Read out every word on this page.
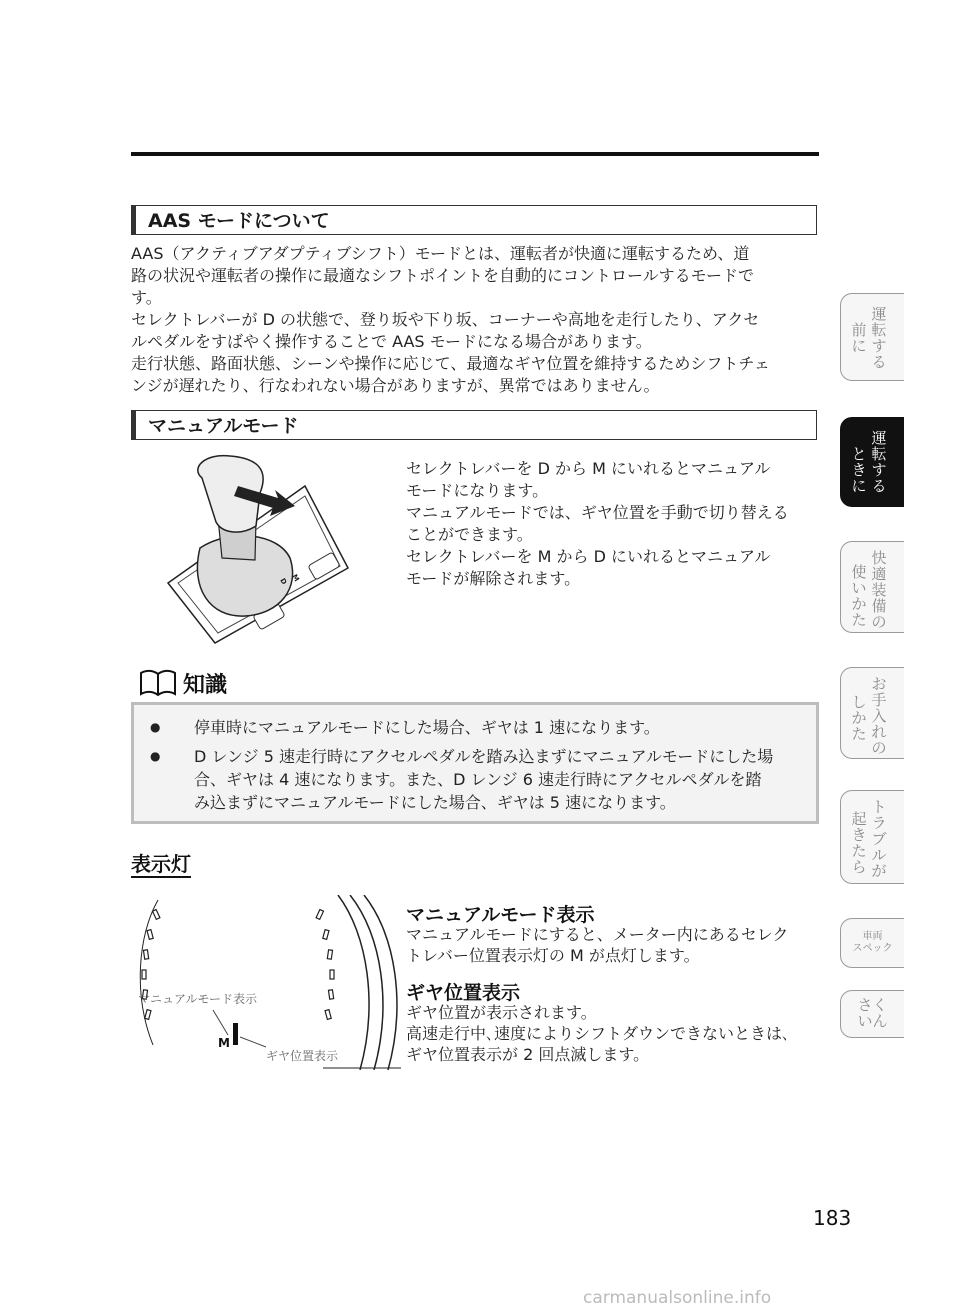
AAS モードについて

AAS（アクティブアダプティブシフト）モードとは、運転者が快適に運転するため、道

路の状況や運転者の操作に最適なシフトポイントを自動的にコントロールするモードで

す。

セレクトレバーが D の状態で、登り坂や下り坂、コーナーや高地を走行したり、アクセ

ルペダルをすばやく操作することで AAS モードになる場合があります。

走行状態、路面状態、シーンや操作に応じて、最適なギヤ位置を維持するためシフトチェ

ンジが遅れたり、行なわれない場合がありますが、異常ではありません。

マニュアルモード
D M

セレクトレバーを D から M にいれるとマニュアル

モードになります。

マニュアルモードでは、ギヤ位置を手動で切り替える

ことができます。

セレクトレバーを M から D にいれるとマニュアル

モードが解除されます。

知識
● 停車時にマニュアルモードにした場合、ギヤは 1 速になります。
● D レンジ 5 速走行時にアクセルペダルを踏み込まずにマニュアルモードにした場
合、ギヤは 4 速になります。また、D レンジ 6 速走行時にアクセルペダルを踏
み込まずにマニュアルモードにした場合、ギヤは 5 速になります。
表示灯
M
マニュアルモード表示
ギヤ位置表示
マニュアルモード表示

マニュアルモードにすると、メーター内にあるセレク

トレバー位置表示灯の M が点灯します。

ギヤ位置表示

ギヤ位置が表示されます。

高速走行中､速度によりシフトダウンできないときは､

ギヤ位置表示が 2 回点滅します。

運転する
前に
運転する
ときに
快適装備の
使いかた
お手入れの
しかた
トラブルが
起きたら
車両
スペック
さく
いん
183
carmanualsonline.info
